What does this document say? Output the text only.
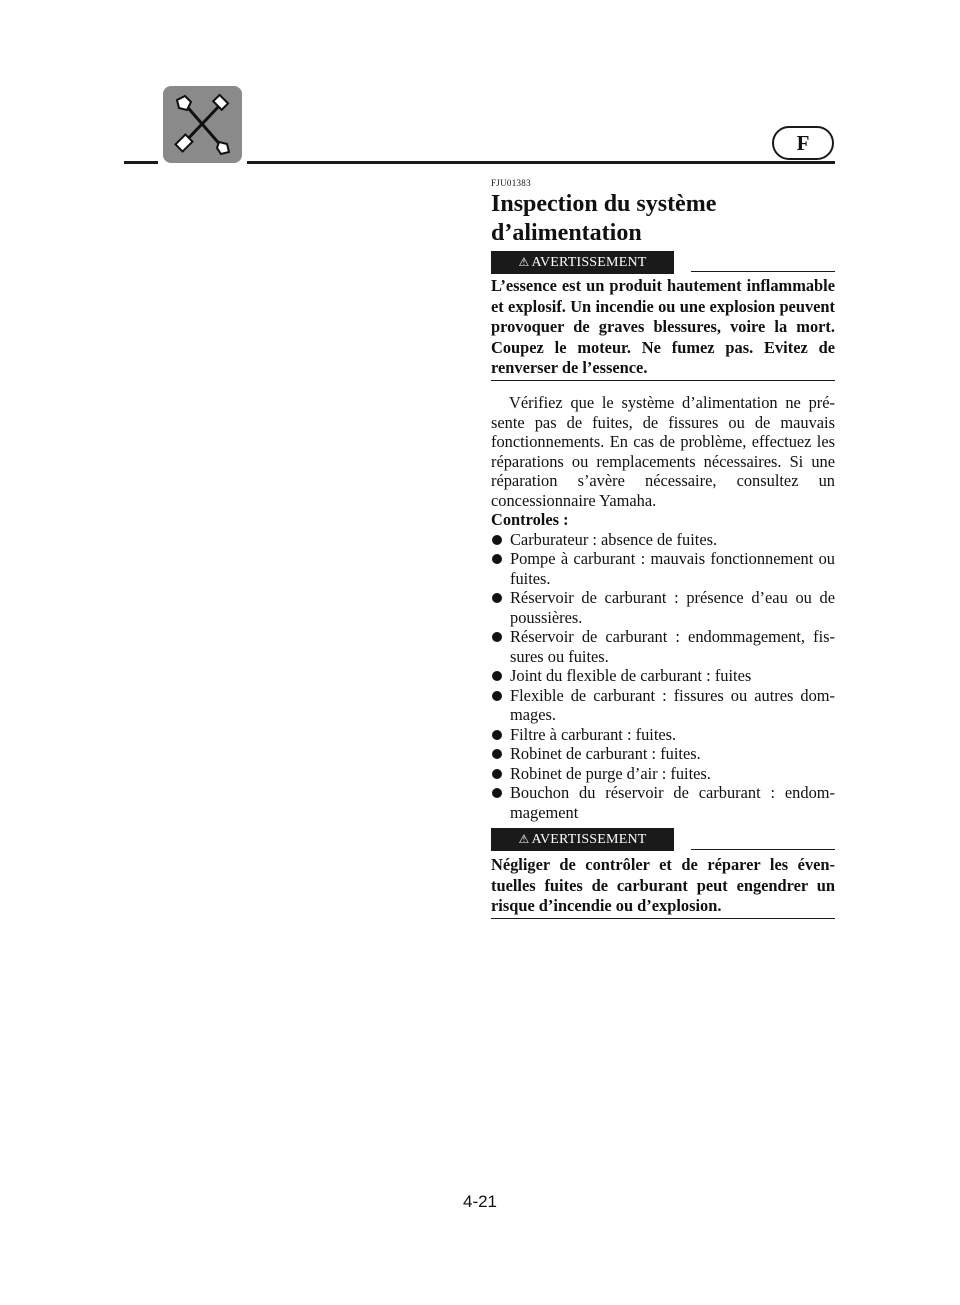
F
FJU01383
Inspection du système
d’alimentation
⚠ AVERTISSEMENT
L’essence est un produit hautement inflammable et explosif. Un incendie ou une explosion peuvent provoquer de graves blessures, voire la mort. Coupez le moteur. Ne fumez pas. Evitez de renverser de l’essence.

Vérifiez que le système d’alimentation ne présente pas de fuites, de fissures ou de mauvais fonctionnements. En cas de problème, effectuez les réparations ou remplacements nécessaires. Si une réparation s’avère nécessaire, consultez un concessionnaire Yamaha.

Controles :

Carburateur : absence de fuites.
Pompe à carburant : mauvais fonctionnement ou fuites.
Réservoir de carburant : présence d’eau ou de poussières.
Réservoir de carburant : endommagement, fissures ou fuites.
Joint du flexible de carburant : fuites
Flexible de carburant : fissures ou autres dommages.
Filtre à carburant : fuites.
Robinet de carburant : fuites.
Robinet de purge d’air : fuites.
Bouchon du réservoir de carburant : endommagement
⚠ AVERTISSEMENT
Négliger de contrôler et de réparer les éventuelles fuites de carburant peut engendrer un risque d’incendie ou d’explosion.
4-21
